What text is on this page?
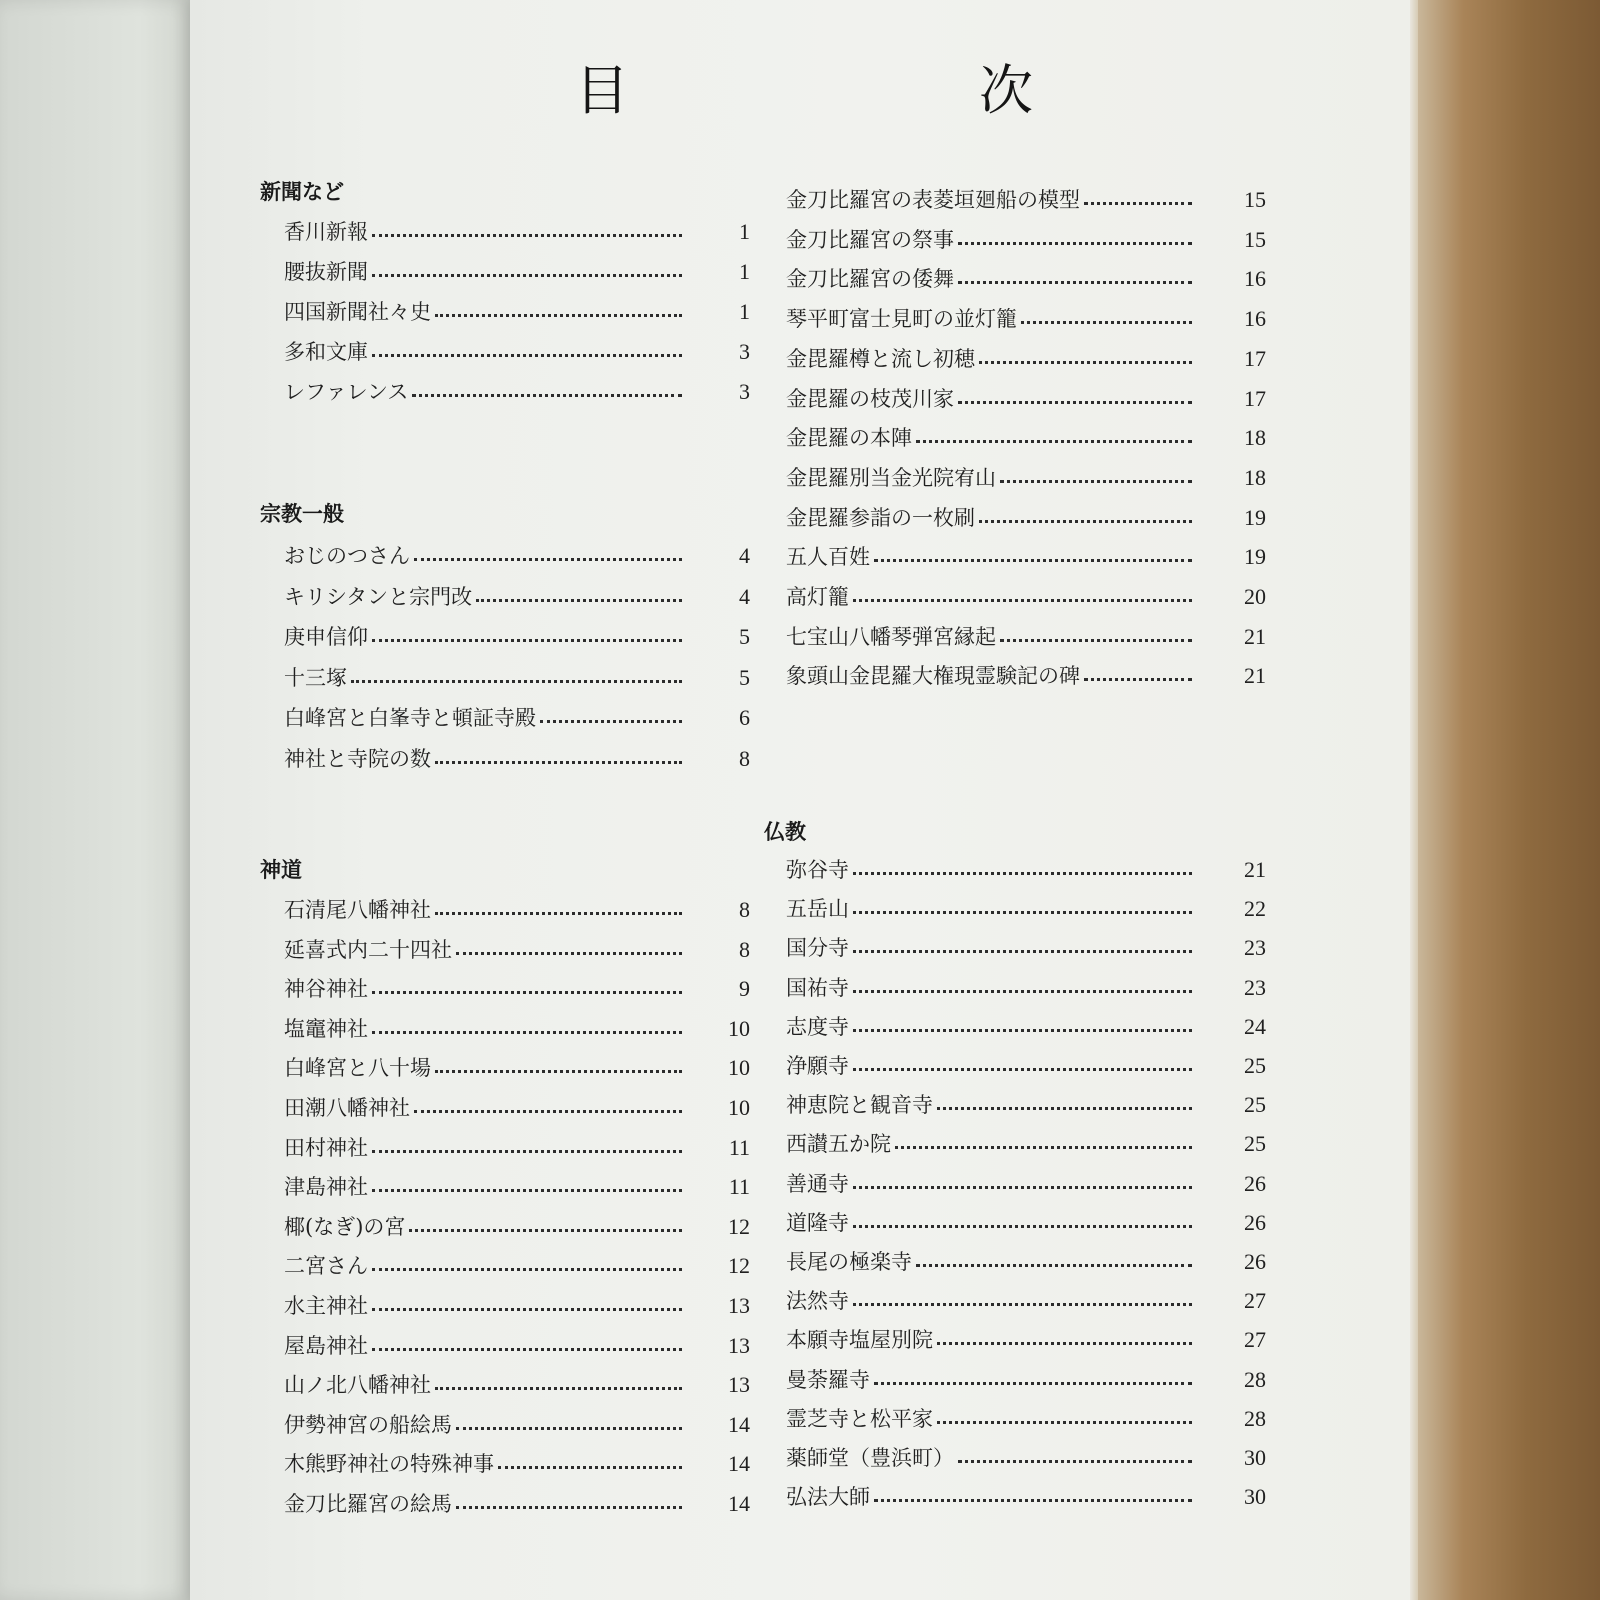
目　次
新聞など
香川新報	1
腰抜新聞	1
四国新聞社々史	1
多和文庫	3
レファレンス	3
宗教一般
おじのつさん	4
キリシタンと宗門改	4
庚申信仰	5
十三塚	5
白峰宮と白峯寺と頓証寺殿	6
神社と寺院の数	8
神道
石清尾八幡神社	8
延喜式内二十四社	8
神谷神社	9
塩竈神社	10
白峰宮と八十場	10
田潮八幡神社	10
田村神社	11
津島神社	11
椰(なぎ)の宮	12
二宮さん	12
水主神社	13
屋島神社	13
山ノ北八幡神社	13
伊勢神宮の船絵馬	14
木熊野神社の特殊神事	14
金刀比羅宮の絵馬	14
金刀比羅宮の表菱垣廻船の模型	15
金刀比羅宮の祭事	15
金刀比羅宮の倭舞	16
琴平町富士見町の並灯籠	16
金毘羅樽と流し初穂	17
金毘羅の枝茂川家	17
金毘羅の本陣	18
金毘羅別当金光院宥山	18
金毘羅参詣の一枚刷	19
五人百姓	19
高灯籠	20
七宝山八幡琴弾宮縁起	21
象頭山金毘羅大権現霊験記の碑	21
仏教
弥谷寺	21
五岳山	22
国分寺	23
国祐寺	23
志度寺	24
浄願寺	25
神恵院と観音寺	25
西讃五か院	25
善通寺	26
道隆寺	26
長尾の極楽寺	26
法然寺	27
本願寺塩屋別院	27
曼荼羅寺	28
霊芝寺と松平家	28
薬師堂（豊浜町）	30
弘法大師	30
